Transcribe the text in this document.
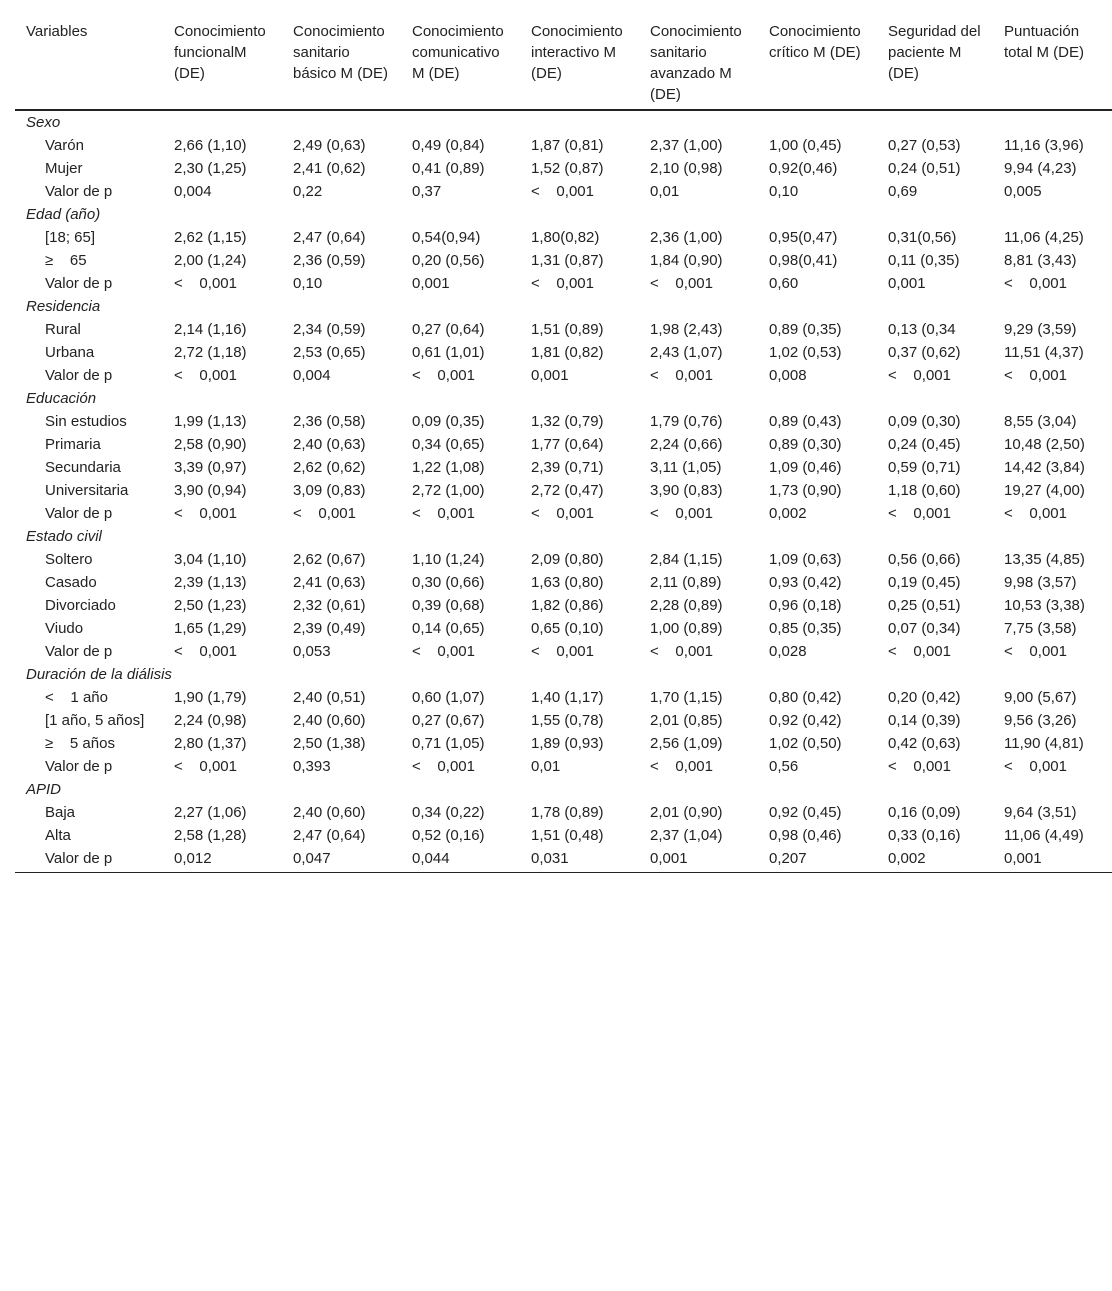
Variables	Conocimiento funcionalM (DE)	Conocimiento sanitario básico M (DE)	Conocimiento comunicativo M (DE)	Conocimiento interactivo M (DE)	Conocimiento sanitario avanzado M (DE)	Conocimiento crítico M (DE)	Seguridad del paciente M (DE)	Puntuación total M (DE)
Sexo								
Varón	2,66 (1,10)	2,49 (0,63)	0,49 (0,84)	1,87 (0,81)	2,37 (1,00)	1,00 (0,45)	0,27 (0,53)	11,16 (3,96)
Mujer	2,30 (1,25)	2,41 (0,62)	0,41 (0,89)	1,52 (0,87)	2,10 (0,98)	0,92(0,46)	0,24 (0,51)	9,94 (4,23)
Valor de p	0,004	0,22	0,37	<    0,001	0,01	0,10	0,69	0,005
Edad (año)								
[18; 65]	2,62 (1,15)	2,47 (0,64)	0,54(0,94)	1,80(0,82)	2,36 (1,00)	0,95(0,47)	0,31(0,56)	11,06 (4,25)
≥    65	2,00 (1,24)	2,36 (0,59)	0,20 (0,56)	1,31 (0,87)	1,84 (0,90)	0,98(0,41)	0,11 (0,35)	8,81 (3,43)
Valor de p	<    0,001	0,10	0,001	<    0,001	<    0,001	0,60	0,001	<    0,001
Residencia								
Rural	2,14 (1,16)	2,34 (0,59)	0,27 (0,64)	1,51 (0,89)	1,98 (2,43)	0,89 (0,35)	0,13 (0,34	9,29 (3,59)
Urbana	2,72 (1,18)	2,53 (0,65)	0,61 (1,01)	1,81 (0,82)	2,43 (1,07)	1,02 (0,53)	0,37 (0,62)	11,51 (4,37)
Valor de p	<    0,001	0,004	<    0,001	0,001	<    0,001	0,008	<    0,001	<    0,001
Educación								
Sin estudios	1,99 (1,13)	2,36 (0,58)	0,09 (0,35)	1,32 (0,79)	1,79 (0,76)	0,89 (0,43)	0,09 (0,30)	8,55 (3,04)
Primaria	2,58 (0,90)	2,40 (0,63)	0,34 (0,65)	1,77 (0,64)	2,24 (0,66)	0,89 (0,30)	0,24 (0,45)	10,48 (2,50)
Secundaria	3,39 (0,97)	2,62 (0,62)	1,22 (1,08)	2,39 (0,71)	3,11 (1,05)	1,09 (0,46)	0,59 (0,71)	14,42 (3,84)
Universitaria	3,90 (0,94)	3,09 (0,83)	2,72 (1,00)	2,72 (0,47)	3,90 (0,83)	1,73 (0,90)	1,18 (0,60)	19,27 (4,00)
Valor de p	<    0,001	<    0,001	<    0,001	<    0,001	<    0,001	0,002	<    0,001	<    0,001
Estado civil								
Soltero	3,04 (1,10)	2,62 (0,67)	1,10 (1,24)	2,09 (0,80)	2,84 (1,15)	1,09 (0,63)	0,56 (0,66)	13,35 (4,85)
Casado	2,39 (1,13)	2,41 (0,63)	0,30 (0,66)	1,63 (0,80)	2,11 (0,89)	0,93 (0,42)	0,19 (0,45)	9,98 (3,57)
Divorciado	2,50 (1,23)	2,32 (0,61)	0,39 (0,68)	1,82 (0,86)	2,28 (0,89)	0,96 (0,18)	0,25 (0,51)	10,53 (3,38)
Viudo	1,65 (1,29)	2,39 (0,49)	0,14 (0,65)	0,65 (0,10)	1,00 (0,89)	0,85 (0,35)	0,07 (0,34)	7,75 (3,58)
Valor de p	<    0,001	0,053	<    0,001	<    0,001	<    0,001	0,028	<    0,001	<    0,001
Duración de la diálisis								
<    1 año	1,90 (1,79)	2,40 (0,51)	0,60 (1,07)	1,40 (1,17)	1,70 (1,15)	0,80 (0,42)	0,20 (0,42)	9,00 (5,67)
[1 año, 5 años]	2,24 (0,98)	2,40 (0,60)	0,27 (0,67)	1,55 (0,78)	2,01 (0,85)	0,92 (0,42)	0,14 (0,39)	9,56 (3,26)
≥    5 años	2,80 (1,37)	2,50 (1,38)	0,71 (1,05)	1,89 (0,93)	2,56 (1,09)	1,02 (0,50)	0,42 (0,63)	11,90 (4,81)
Valor de p	<    0,001	0,393	<    0,001	0,01	<    0,001	0,56	<    0,001	<    0,001
APID								
Baja	2,27 (1,06)	2,40 (0,60)	0,34 (0,22)	1,78 (0,89)	2,01 (0,90)	0,92 (0,45)	0,16 (0,09)	9,64 (3,51)
Alta	2,58 (1,28)	2,47 (0,64)	0,52 (0,16)	1,51 (0,48)	2,37 (1,04)	0,98 (0,46)	0,33 (0,16)	11,06 (4,49)
Valor de p	0,012	0,047	0,044	0,031	0,001	0,207	0,002	0,001
